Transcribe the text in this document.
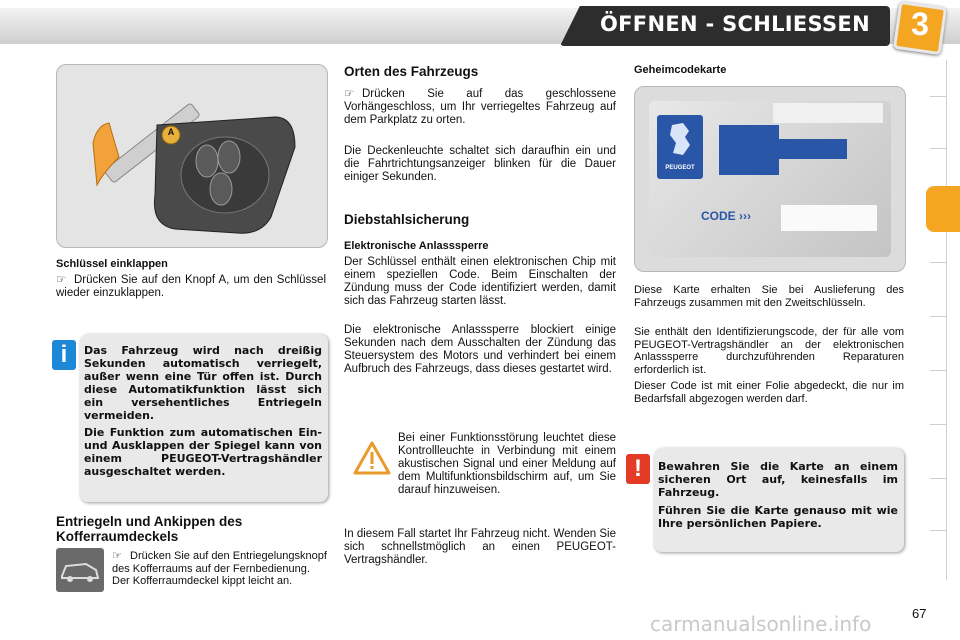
ÖFFNEN - SCHLIESSEN	3
A
Schlüssel einklappen
☞ Drücken Sie auf den Knopf A, um den Schlüssel wieder einzuklappen.
i	Das Fahrzeug wird nach dreißig Sekunden automatisch verriegelt, außer wenn eine Tür offen ist. Durch diese Automatikfunktion lässt sich ein versehentliches Entriegeln vermeiden.
Die Funktion zum automatischen Ein- und Ausklappen der Spiegel kann von einem PEUGEOT-Vertragshändler ausgeschaltet werden.
Entriegeln und Ankippen des
Kofferraumdeckels
☞ Drücken Sie auf den Entriegelungsknopf des Kofferraums auf der Fernbedienung. Der Kofferraumdeckel kippt leicht an.
Orten des Fahrzeugs
☞ Drücken Sie auf das geschlossene Vorhängeschloss, um Ihr verriegeltes Fahrzeug auf dem Parkplatz zu orten.
Die Deckenleuchte schaltet sich daraufhin ein und die Fahrtrichtungsanzeiger blinken für die Dauer einiger Sekunden.
Diebstahlsicherung
Elektronische Anlasssperre
Der Schlüssel enthält einen elektronischen Chip mit einem speziellen Code. Beim Einschalten der Zündung muss der Code identifiziert werden, damit sich das Fahrzeug starten lässt.
Die elektronische Anlasssperre blockiert einige Sekunden nach dem Ausschalten der Zündung das Steuersystem des Motors und verhindert bei einem Aufbruch des Fahrzeugs, dass dieses gestartet wird.
Bei einer Funktionsstörung leuchtet diese Kontrollleuchte in Verbindung mit einem akustischen Signal und einer Meldung auf dem Multifunktionsbildschirm auf, um Sie darauf hinzuweisen.
In diesem Fall startet Ihr Fahrzeug nicht. Wenden Sie sich schnellstmöglich an einen PEUGEOT-Vertragshändler.
Geheimcodekarte
PEUGEOT
CODE ›››
Diese Karte erhalten Sie bei Auslieferung des Fahrzeugs zusammen mit den Zweitschlüsseln.
Sie enthält den Identifizierungscode, der für alle vom PEUGEOT-Vertragshändler an der elektronischen Anlasssperre durchzuführenden Reparaturen erforderlich ist.
Dieser Code ist mit einer Folie abgedeckt, die nur im Bedarfsfall abgezogen werden darf.
!	Bewahren Sie die Karte an einem sicheren Ort auf, keinesfalls im Fahrzeug.
Führen Sie die Karte genauso mit wie Ihre persönlichen Papiere.
67
carmanualsonline.info
